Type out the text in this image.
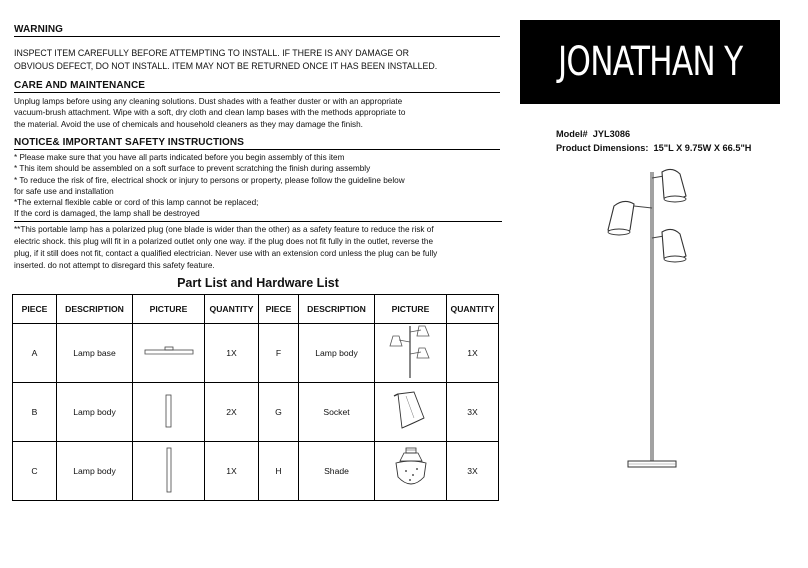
WARNING

INSPECT ITEM CAREFULLY BEFORE ATTEMPTING TO INSTALL. IF THERE IS ANY DAMAGE OR

OBVIOUS DEFECT, DO NOT INSTALL. ITEM MAY NOT BE RETURNED ONCE IT HAS BEEN INSTALLED.

CARE AND MAINTENANCE

Unplug lamps before using any cleaning solutions. Dust shades with a feather duster or with an appropriate

vacuum-brush attachment. Wipe with a soft, dry cloth and clean lamp bases with the methods appropriate to

the material. Avoid the use of chemicals and household cleaners as they may damage the finish.

NOTICE& IMPORTANT SAFETY INSTRUCTIONS

* Please make sure that you have all parts indicated before you begin assembly of this item

* This item should be assembled on a soft surface to prevent scratching the finish during assembly

* To reduce the risk of fire, electrical shock or injury to persons or property, please follow the guideline below

for safe use and installation

*The external flexible cable or cord of this lamp cannot be replaced;

If the cord is damaged, the lamp shall be destroyed

**This portable lamp has a polarized plug (one blade is wider than the other) as a safety feature to reduce the risk of

electric shock. this plug will fit in a polarized outlet only one way. if the plug does not fit fully in the outlet, reverse the

plug, if it still does not fit, contact a qualified electrician. Never use with an extension cord unless the plug can be fully

inserted. do not attempt to disregard this safety feature.

Part List and Hardware List
PIECE	DESCRIPTION	PICTURE	QUANTITY	PIECE	DESCRIPTION	PICTURE	QUANTITY
A	Lamp base		1X	F	Lamp body		1X
B	Lamp body		2X	G	Socket		3X
C	Lamp body		1X	H	Shade		3X
JONATHAN Y
Model# JYL3086
Product Dimensions: 15"L X 9.75W X 66.5"H
